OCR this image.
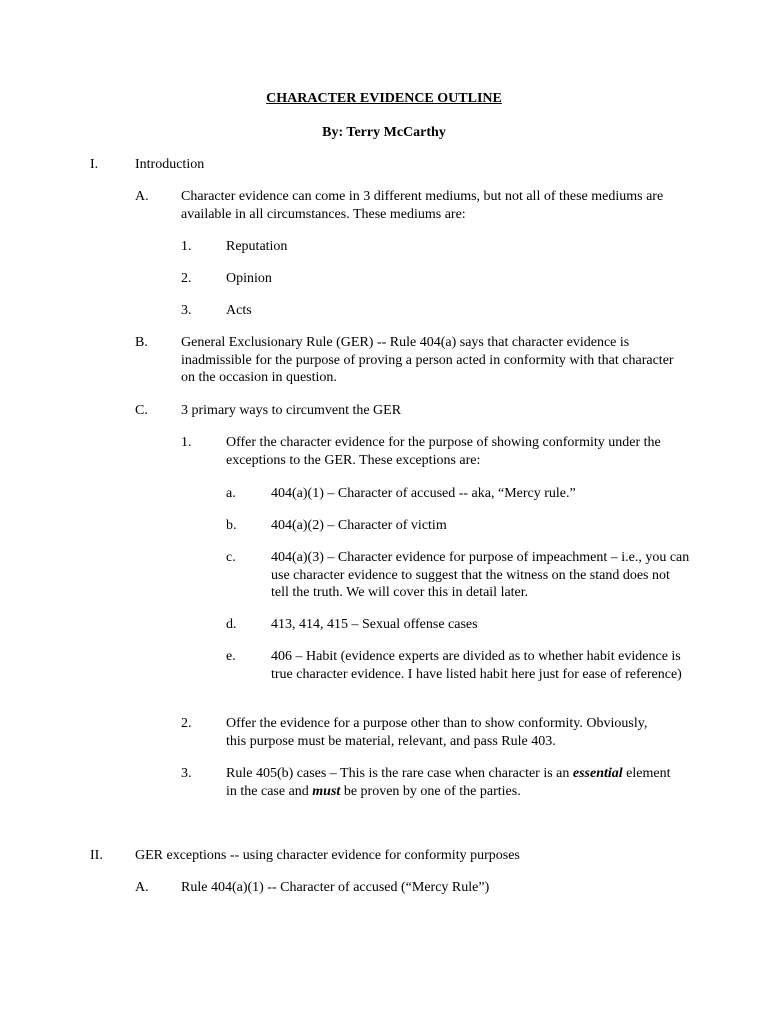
CHARACTER EVIDENCE OUTLINE
By: Terry McCarthy
I.	Introduction
A. Character evidence can come in 3 different mediums, but not all of these mediums are available in all circumstances. These mediums are:
1. Reputation
2. Opinion
3. Acts
B. General Exclusionary Rule (GER) -- Rule 404(a) says that character evidence is inadmissible for the purpose of proving a person acted in conformity with that character on the occasion in question.
C. 3 primary ways to circumvent the GER
1. Offer the character evidence for the purpose of showing conformity under the exceptions to the GER. These exceptions are:
a.	404(a)(1) – Character of accused -- aka, “Mercy rule.”
b. 404(a)(2) – Character of victim
c.	404(a)(3) – Character evidence for purpose of impeachment – i.e., you can use character evidence to suggest that the witness on the stand does not tell the truth. We will cover this in detail later.
d. 413, 414, 415 – Sexual offense cases
e.	406 – Habit (evidence experts are divided as to whether habit evidence is true character evidence. I have listed habit here just for ease of reference)
2. Offer the evidence for a purpose other than to show conformity. Obviously, this purpose must be material, relevant, and pass Rule 403.
3. Rule 405(b) cases – This is the rare case when character is an essential element in the case and must be proven by one of the parties.
II. GER exceptions -- using character evidence for conformity purposes
A. Rule 404(a)(1) -- Character of accused (“Mercy Rule”)
